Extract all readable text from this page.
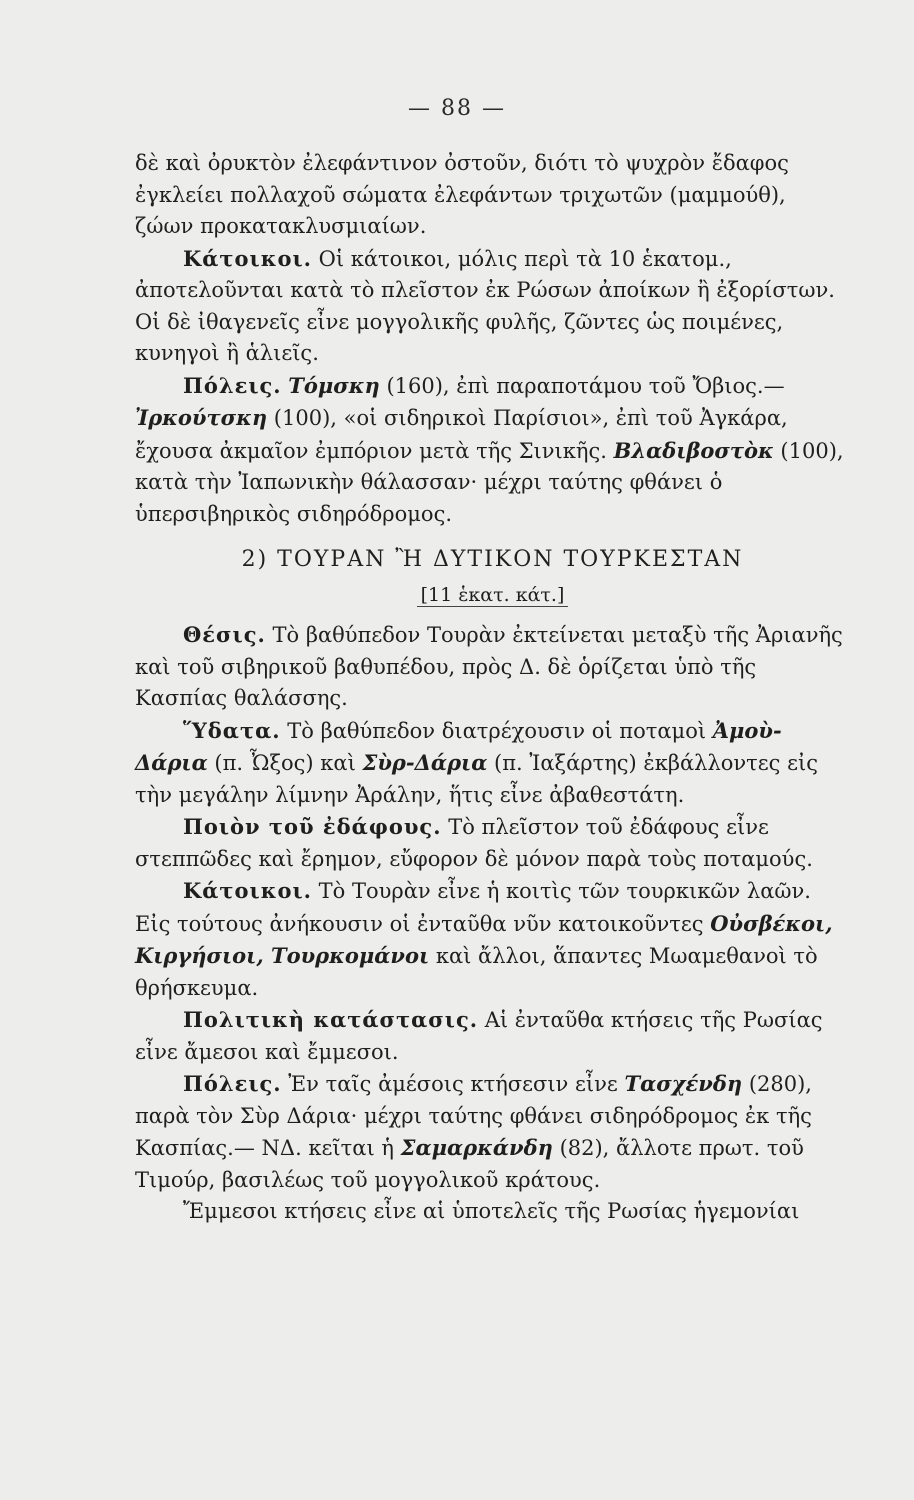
— 88 —

δὲ καὶ ὀρυκτὸν ἐλεφάντινον ὀστοῦν, διότι τὸ ψυχρὸν ἔδαφος ἐγκλείει πολλαχοῦ σώματα ἐλεφάντων τριχωτῶν (μαμμούθ), ζώων προκατακλυσμιαίων.

Κάτοικοι. Οἱ κάτοικοι, μόλις περὶ τὰ 10 ἑκατομ., ἀποτελοῦνται κατὰ τὸ πλεῖστον ἐκ Ρώσων ἀποίκων ἢ ἐξορίστων. Οἱ δὲ ἰθαγενεῖς εἶνε μογγολικῆς φυλῆς, ζῶντες ὡς ποιμένες, κυνηγοὶ ἢ ἁλιεῖς.

Πόλεις. Τόμσκη (160), ἐπὶ παραποτάμου τοῦ Ὄβιος.— Ἰρκούτσκη (100), «οἱ σιδηρικοὶ Παρίσιοι», ἐπὶ τοῦ Ἀγκάρα, ἔχουσα ἀκμαῖον ἐμπόριον μετὰ τῆς Σινικῆς. Βλαδιβοστὸκ (100), κατὰ τὴν Ἰαπωνικὴν θάλασσαν· μέχρι ταύτης φθάνει ὁ ὑπερσιβηρικὸς σιδηρόδρομος.

2) ΤΟΥΡΑΝ Ἢ ΔΥΤΙΚΟΝ ΤΟΥΡΚΕΣΤΑΝ
[11 ἑκατ. κάτ.]

Θέσις. Τὸ βαθύπεδον Τουρὰν ἐκτείνεται μεταξὺ τῆς Ἀριανῆς καὶ τοῦ σιβηρικοῦ βαθυπέδου, πρὸς Δ. δὲ ὁρίζεται ὑπὸ τῆς Κασπίας θαλάσσης.

Ὕδατα. Τὸ βαθύπεδον διατρέχουσιν οἱ ποταμοὶ Ἀμοὺ-Δάρια (π. Ὦξος) καὶ Σὺρ-Δάρια (π. Ἰαξάρτης) ἐκβάλλοντες εἰς τὴν μεγάλην λίμνην Ἀράλην, ἥτις εἶνε ἀβαθεστάτη.

Ποιὸν τοῦ ἐδάφους. Τὸ πλεῖστον τοῦ ἐδάφους εἶνε στεππῶδες καὶ ἔρημον, εὔφορον δὲ μόνον παρὰ τοὺς ποταμούς.

Κάτοικοι. Τὸ Τουρὰν εἶνε ἡ κοιτὶς τῶν τουρκικῶν λαῶν. Εἰς τούτους ἀνήκουσιν οἱ ἐνταῦθα νῦν κατοικοῦντες Οὐσβέκοι, Κιργήσιοι, Τουρκομάνοι καὶ ἄλλοι, ἅπαντες Μωαμεθανοὶ τὸ θρήσκευμα.

Πολιτικὴ κατάστασις. Αἱ ἐνταῦθα κτήσεις τῆς Ρωσίας εἶνε ἄμεσοι καὶ ἔμμεσοι.

Πόλεις. Ἐν ταῖς ἀμέσοις κτήσεσιν εἶνε Τασχένδη (280), παρὰ τὸν Σὺρ Δάρια· μέχρι ταύτης φθάνει σιδηρόδρομος ἐκ τῆς Κασπίας.— ΝΔ. κεῖται ἡ Σαμαρκάνδη (82), ἄλλοτε πρωτ. τοῦ Τιμούρ, βασιλέως τοῦ μογγολικοῦ κράτους.

Ἔμμεσοι κτήσεις εἶνε αἱ ὑποτελεῖς τῆς Ρωσίας ἡγεμονίαι
